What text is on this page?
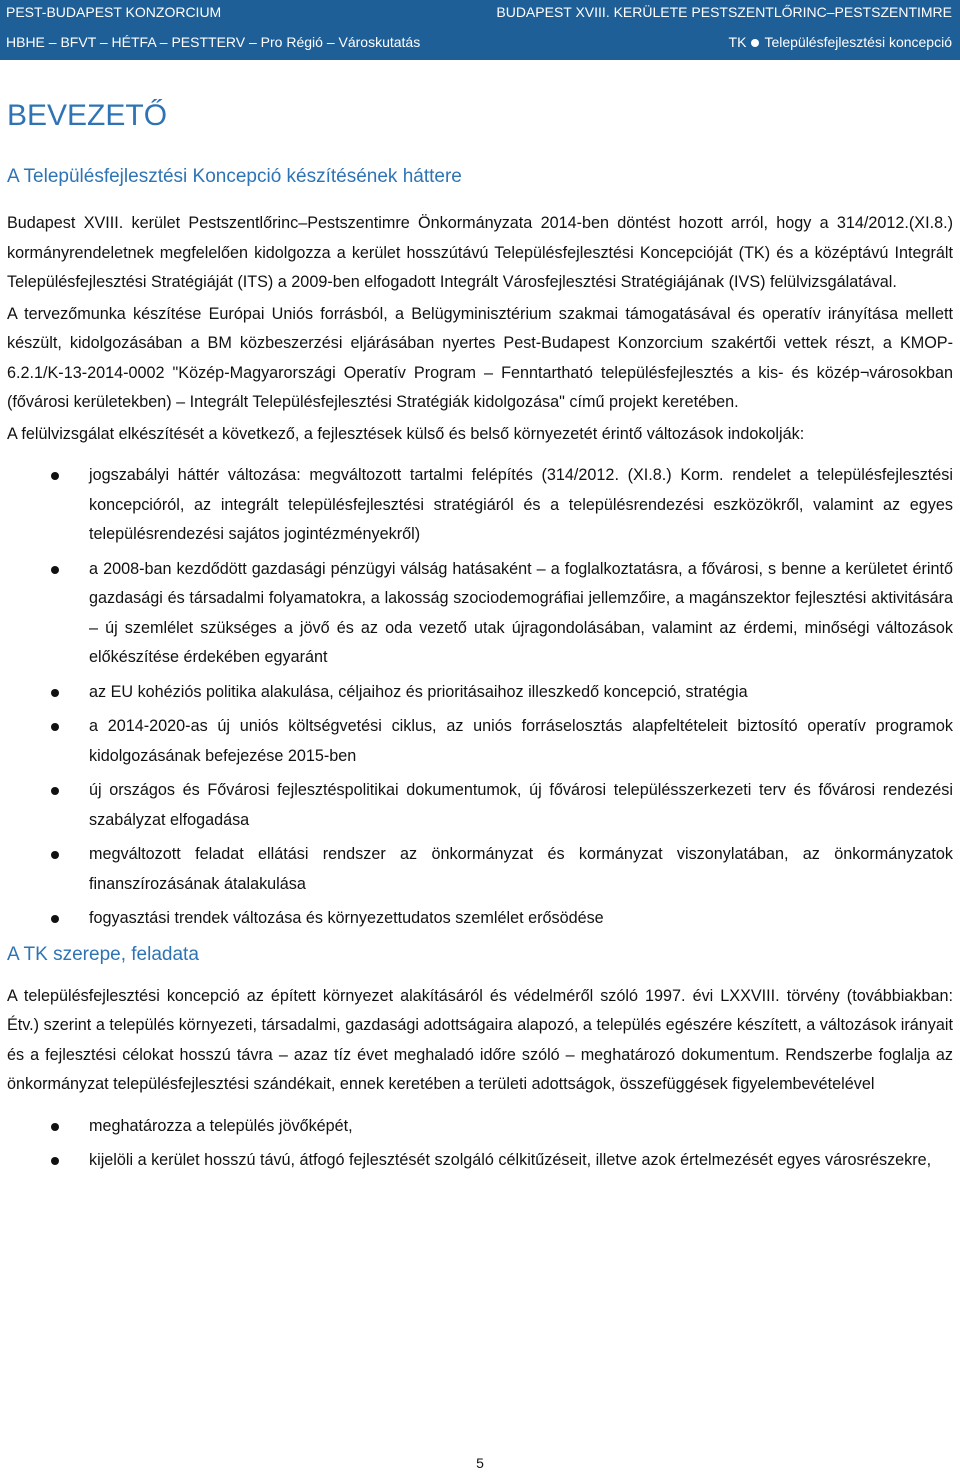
PEST-BUDAPEST KONZORCIUM	BUDAPEST XVIII. KERÜLETE PESTSZENTLŐRINC–PESTSZENTIMRE
HBHE – BFVT – HÉTFA – PESTTERV – Pro Régió – Városkutatás	TK Településfejlesztési koncepció
BEVEZETŐ
A Településfejlesztési Koncepció készítésének háttere

Budapest XVIII. kerület Pestszentlőrinc–Pestszentimre Önkormányzata 2014-ben döntést hozott arról, hogy a 314/2012.(XI.8.) kormányrendeletnek megfelelően kidolgozza a kerület hosszútávú Településfejlesztési Koncepcióját (TK) és a középtávú Integrált Településfejlesztési Stratégiáját (ITS) a 2009-ben elfogadott Integrált Városfejlesztési Stratégiájának (IVS) felülvizsgálatával.

A tervezőmunka készítése Európai Uniós forrásból, a Belügyminisztérium szakmai támogatásával és operatív irányítása mellett készült, kidolgozásában a BM közbeszerzési eljárásában nyertes Pest-Budapest Konzorcium szakértői vettek részt, a KMOP-6.2.1/K-13-2014-0002 "Közép-Magyarországi Operatív Program – Fenntartható településfejlesztés a kis- és közép¬városokban (fővárosi kerületekben) – Integrált Településfejlesztési Stratégiák kidolgozása" című projekt keretében.

A felülvizsgálat elkészítését a következő, a fejlesztések külső és belső környezetét érintő változások indokolják:

jogszabályi háttér változása: megváltozott tartalmi felépítés (314/2012. (XI.8.) Korm. rendelet a településfejlesztési koncepcióról, az integrált településfejlesztési stratégiáról és a településrendezési eszközökről, valamint az egyes településrendezési sajátos jogintézményekről)
a 2008-ban kezdődött gazdasági pénzügyi válság hatásaként – a foglalkoztatásra, a fővárosi, s benne a kerületet érintő gazdasági és társadalmi folyamatokra, a lakosság szociodemográfiai jellemzőire, a magánszektor fejlesztési aktivitására – új szemlélet szükséges a jövő és az oda vezető utak újragondolásában, valamint az érdemi, minőségi változások előkészítése érdekében egyaránt
az EU kohéziós politika alakulása, céljaihoz és prioritásaihoz illeszkedő koncepció, stratégia
a 2014-2020-as új uniós költségvetési ciklus, az uniós forráselosztás alapfeltételeit biztosító operatív programok kidolgozásának befejezése 2015-ben
új országos és Fővárosi fejlesztéspolitikai dokumentumok, új fővárosi településszerkezeti terv és fővárosi rendezési szabályzat elfogadása
megváltozott feladat ellátási rendszer az önkormányzat és kormányzat viszonylatában, az önkormányzatok finanszírozásának átalakulása
fogyasztási trendek változása és környezettudatos szemlélet erősödése
A TK szerepe, feladata

A településfejlesztési koncepció az épített környezet alakításáról és védelméről szóló 1997. évi LXXVIII. törvény (továbbiakban: Étv.) szerint a település környezeti, társadalmi, gazdasági adottságaira alapozó, a település egészére készített, a változások irányait és a fejlesztési célokat hosszú távra – azaz tíz évet meghaladó időre szóló – meghatározó dokumentum. Rendszerbe foglalja az önkormányzat településfejlesztési szándékait, ennek keretében a területi adottságok, összefüggések figyelembevételével

meghatározza a település jövőképét,
kijelöli a kerület hosszú távú, átfogó fejlesztését szolgáló célkitűzéseit, illetve azok értelmezését egyes városrészekre,
5
